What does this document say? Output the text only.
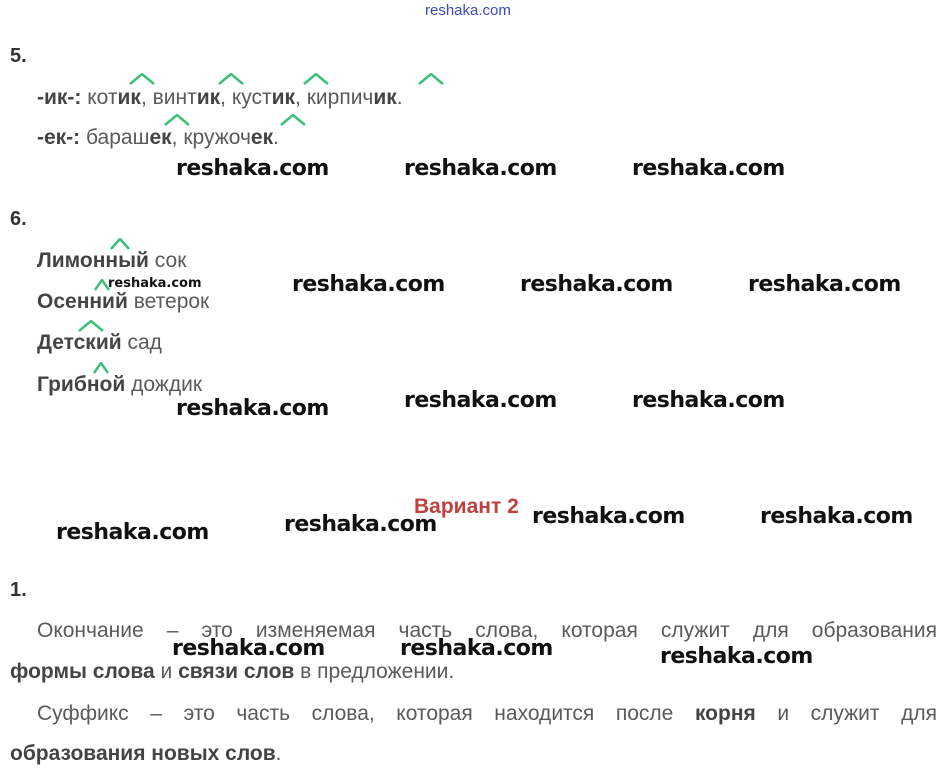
reshaka.com
5.
-ик-: котик, винтик, кустик, кирпичик.
-ек-: барашек, кружочек.
reshaka.com	reshaka.com	reshaka.com
6.
Лимонный сок
Осенний ветерок
Детский сад
Грибной дождик
reshaka.com	reshaka.com	reshaka.com	reshaka.com
reshaka.com	reshaka.com	reshaka.com
Вариант 2
reshaka.com	reshaka.com	reshaka.com	reshaka.com
1.
Окончание – это изменяемая часть слова, которая служит для образования
формы слова и связи слов в предложении.
Суффикс – это часть слова, которая находится после корня и служит для
образования новых слов.
reshaka.com	reshaka.com	reshaka.com
